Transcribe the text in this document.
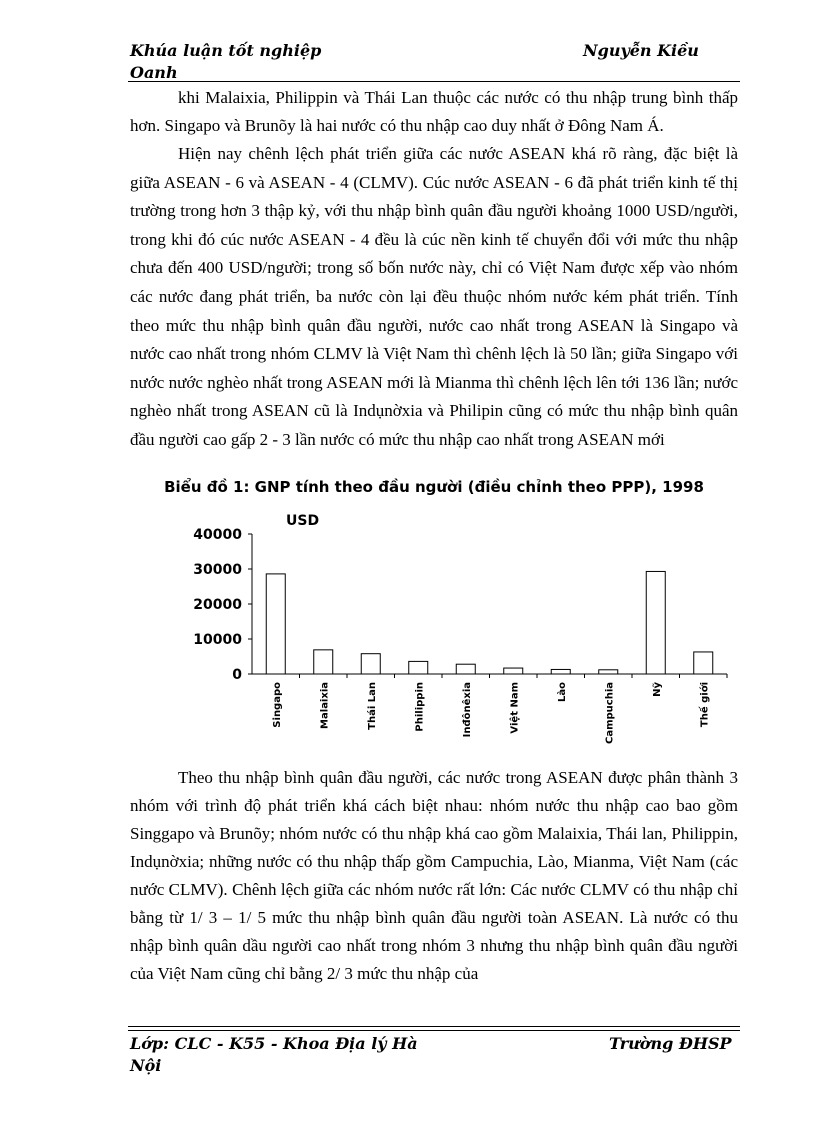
Khúa luận tốt nghiệp Oanh
Nguyễn Kiều

khi Malaixia, Philippin và Thái Lan thuộc các nước có thu nhập trung bình thấp hơn. Singapo và Brunõy là hai nước có thu nhập cao duy nhất ở Đông Nam Á.

Hiện nay chênh lệch phát triển giữa các nước ASEAN khá rõ ràng, đặc biệt là giữa ASEAN - 6 và ASEAN - 4 (CLMV). Cúc nước ASEAN - 6 đã phát triển kinh tế thị trường trong hơn 3 thập kỷ, với thu nhập bình quân đầu người khoảng 1000 USD/người, trong khi đó cúc nước ASEAN - 4 đều là cúc nền kinh tế chuyển đổi với mức thu nhập chưa đến 400 USD/người; trong số bốn nước này, chỉ có Việt Nam được xếp vào nhóm các nước đang phát triển, ba nước còn lại đều thuộc nhóm nước kém phát triển. Tính theo mức thu nhập bình quân đầu người, nước cao nhất trong ASEAN là Singapo và nước cao nhất trong nhóm CLMV là Việt Nam thì chênh lệch là 50 lần; giữa Singapo với nước nước nghèo nhất trong ASEAN mới là Mianma thì chênh lệch lên tới 136 lần; nước nghèo nhất trong ASEAN cũ là Indụnờxia và Philipin cũng có mức thu nhập bình quân đầu người cao gấp 2 - 3 lần nước có mức thu nhập cao nhất trong ASEAN mới

Biểu đồ 1: GNP tính theo đầu người (điều chỉnh theo PPP), 1998
USD
0
10000
20000
30000
40000
Singapo	Malaixia	Thái Lan	Philippin	Inđônêxia	Việt Nam	Lào	Campuchia	Nỹ	Thế giới

Theo thu nhập bình quân đầu người, các nước trong ASEAN được phân thành 3 nhóm với trình độ phát triển khá cách biệt nhau: nhóm nước thu nhập cao bao gồm Singgapo và Brunõy; nhóm nước có thu nhập khá cao gồm Malaixia, Thái lan, Philippin, Indụnờxia; những nước có thu nhập thấp gồm Campuchia, Lào, Mianma, Việt Nam (các nước CLMV). Chênh lệch giữa các nhóm nước rất lớn: Các nước CLMV có thu nhập chỉ bằng từ 1/ 3 – 1/ 5 mức thu nhập bình quân đầu người toàn ASEAN. Là nước có thu nhập bình quân dầu người cao nhất trong nhóm 3 nhưng thu nhập bình quân đầu người của Việt Nam cũng chỉ bằng 2/ 3 mức thu nhập của

Lớp: CLC - K55 - Khoa Địa lý Hà Nội
Trường ĐHSP
